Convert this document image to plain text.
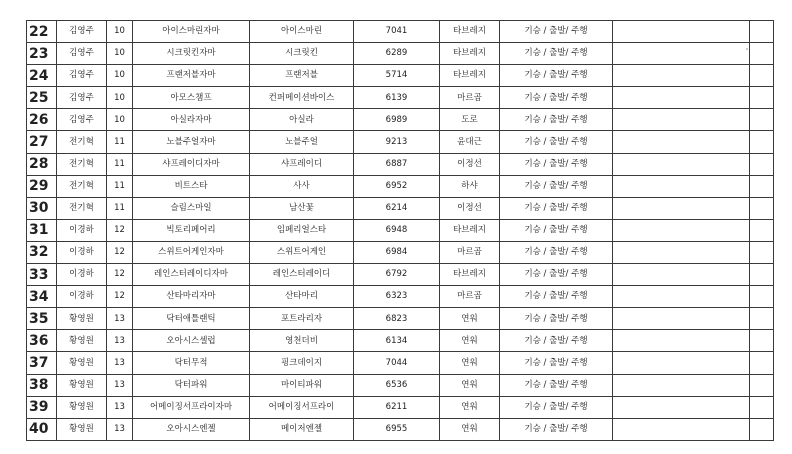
22	김영주	10	아이스마린자마	아이스마린	7041	타브레지	기승 / 출발/ 주행		
23	김영주	10	시크릿킨자마	시크릿킨	6289	타브레지	기승 / 출발/ 주행		
24	김영주	10	프랜저블자마	프랜저블	5714	타브레지	기승 / 출발/ 주행		
25	김영주	10	아모스챔프	컨퍼메이션바이스	6139	마르곱	기승 / 출발/ 주행		
26	김영주	10	아실라자마	아실라	6989	도로	기승 / 출발/ 주행		
27	전기혁	11	노블주얼자마	노블주얼	9213	윤대근	기승 / 출발/ 주행		
28	전기혁	11	샤프레이디자마	샤프레이디	6887	이정선	기승 / 출발/ 주행		
29	전기혁	11	비트스타	사사	6952	하샤	기승 / 출발/ 주행		
30	전기혁	11	슬림스마일	남산꽃	6214	이정선	기승 / 출발/ 주행		
31	이경하	12	빅토리페어리	임페리얼스타	6948	타브레지	기승 / 출발/ 주행		
32	이경하	12	스위트어게인자마	스위트어게인	6984	마르곱	기승 / 출발/ 주행		
33	이경하	12	레인스터레이디자마	레인스터레이디	6792	타브레지	기승 / 출발/ 주행		
34	이경하	12	산타마리자마	산타마리	6323	마르곱	기승 / 출발/ 주행		
35	황영원	13	닥터애틀랜틱	포트라리자	6823	연워	기승 / 출발/ 주행		
36	황영원	13	오아시스셀럽	영천더비	6134	연워	기승 / 출발/ 주행		
37	황영원	13	닥터무적	핑크데이지	7044	연워	기승 / 출발/ 주행		
38	황영원	13	닥터파워	마이티파워	6536	연워	기승 / 출발/ 주행		
39	황영원	13	어메이징서프라이자마	어메이징서프라이	6211	연워	기승 / 출발/ 주행		
40	황영원	13	오아시스엔젤	메이저엔젤	6955	연워	기승 / 출발/ 주행		
